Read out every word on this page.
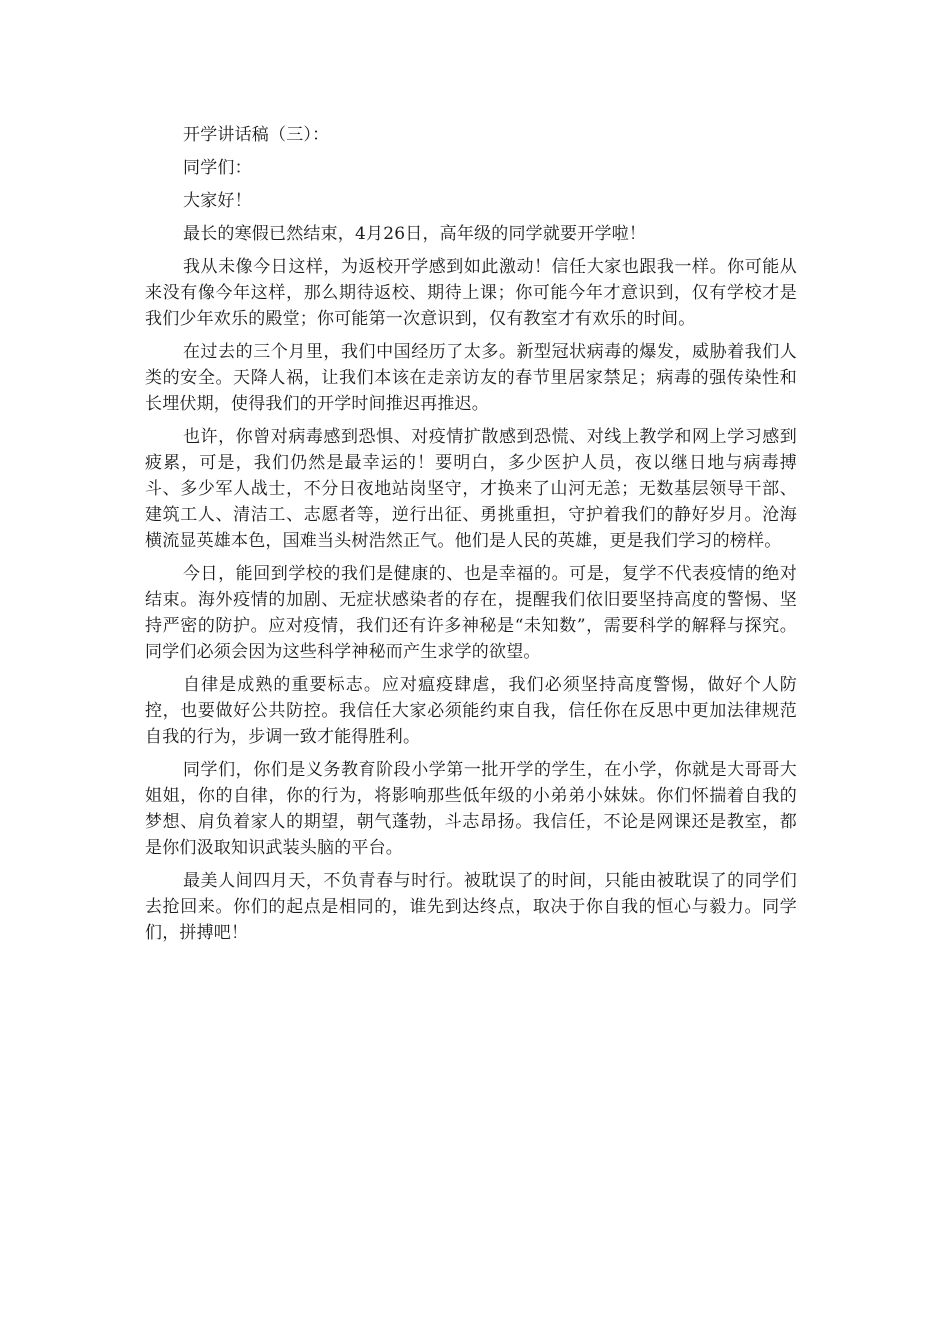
开学讲话稿（三）：

同学们：

大家好！

最长的寒假已然结束，4月26日，高年级的同学就要开学啦！

我从未像今日这样，为返校开学感到如此激动！信任大家也跟我一样。你可能从来没有像今年这样，那么期待返校、期待上课；你可能今年才意识到，仅有学校才是我们少年欢乐的殿堂；你可能第一次意识到，仅有教室才有欢乐的时间。

在过去的三个月里，我们中国经历了太多。新型冠状病毒的爆发，威胁着我们人类的安全。天降人祸，让我们本该在走亲访友的春节里居家禁足；病毒的强传染性和长埋伏期，使得我们的开学时间推迟再推迟。

也许，你曾对病毒感到恐惧、对疫情扩散感到恐慌、对线上教学和网上学习感到疲累，可是，我们仍然是最幸运的！要明白，多少医护人员，夜以继日地与病毒搏斗、多少军人战士，不分日夜地站岗坚守，才换来了山河无恙；无数基层领导干部、建筑工人、清洁工、志愿者等，逆行出征、勇挑重担，守护着我们的静好岁月。沧海横流显英雄本色，国难当头树浩然正气。他们是人民的英雄，更是我们学习的榜样。

今日，能回到学校的我们是健康的、也是幸福的。可是，复学不代表疫情的绝对结束。海外疫情的加剧、无症状感染者的存在，提醒我们依旧要坚持高度的警惕、坚持严密的防护。应对疫情，我们还有许多神秘是“未知数”，需要科学的解释与探究。同学们必须会因为这些科学神秘而产生求学的欲望。

自律是成熟的重要标志。应对瘟疫肆虐，我们必须坚持高度警惕，做好个人防控，也要做好公共防控。我信任大家必须能约束自我，信任你在反思中更加法律规范自我的行为，步调一致才能得胜利。

同学们，你们是义务教育阶段小学第一批开学的学生，在小学，你就是大哥哥大姐姐，你的自律，你的行为，将影响那些低年级的小弟弟小妹妹。你们怀揣着自我的梦想、肩负着家人的期望，朝气蓬勃，斗志昂扬。我信任，不论是网课还是教室，都是你们汲取知识武装头脑的平台。

最美人间四月天，不负青春与时行。被耽误了的时间，只能由被耽误了的同学们去抢回来。你们的起点是相同的，谁先到达终点，取决于你自我的恒心与毅力。同学们，拼搏吧！
